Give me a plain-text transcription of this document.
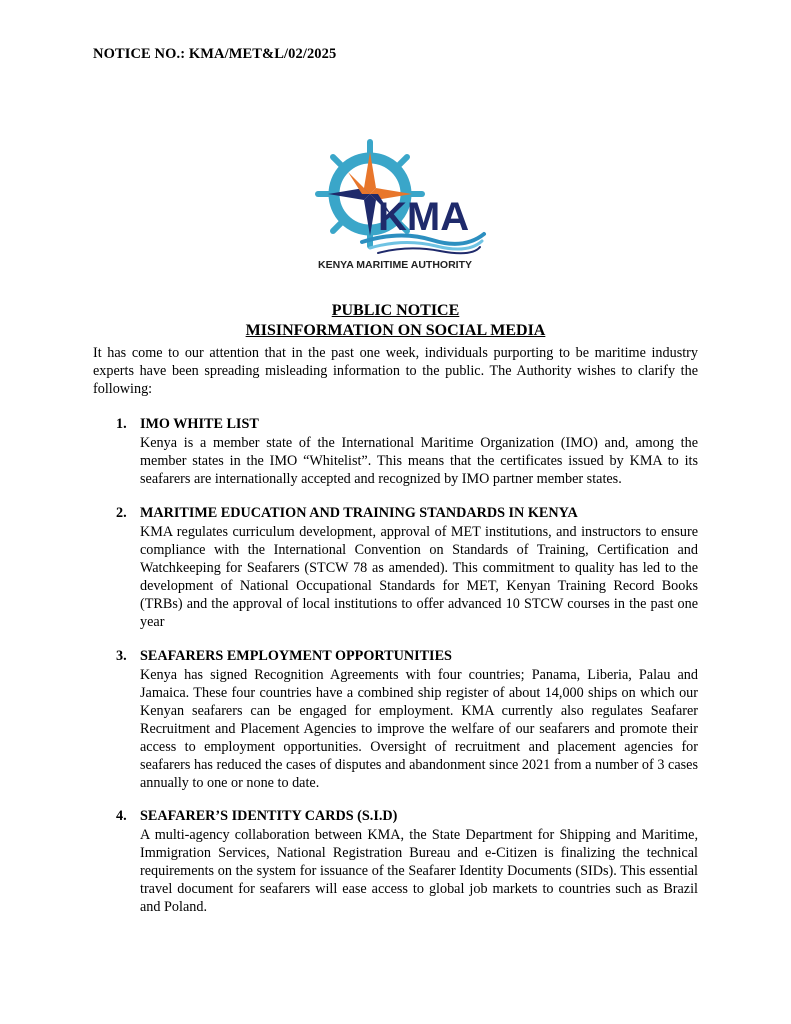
NOTICE NO.: KMA/MET&L/02/2025
KMA
KENYA MARITIME AUTHORITY
PUBLIC NOTICE
MISINFORMATION ON SOCIAL MEDIA
It has come to our attention that in the past one week, individuals purporting to be maritime industry experts have been spreading misleading information to the public. The Authority wishes to clarify the following:
1. IMO WHITE LIST
Kenya is a member state of the International Maritime Organization (IMO) and, among the member states in the IMO “Whitelist”. This means that the certificates issued by KMA to its seafarers are internationally accepted and recognized by IMO partner member states.
2. MARITIME EDUCATION AND TRAINING STANDARDS IN KENYA
KMA regulates curriculum development, approval of MET institutions, and instructors to ensure compliance with the International Convention on Standards of Training, Certification and Watchkeeping for Seafarers (STCW 78 as amended). This commitment to quality has led to the development of National Occupational Standards for MET, Kenyan Training Record Books (TRBs) and the approval of local institutions to offer advanced 10 STCW courses in the past one year
3. SEAFARERS EMPLOYMENT OPPORTUNITIES
Kenya has signed Recognition Agreements with four countries; Panama, Liberia, Palau and Jamaica. These four countries have a combined ship register of about 14,000 ships on which our Kenyan seafarers can be engaged for employment. KMA currently also regulates Seafarer Recruitment and Placement Agencies to improve the welfare of our seafarers and promote their access to employment opportunities. Oversight of recruitment and placement agencies for seafarers has reduced the cases of disputes and abandonment since 2021 from a number of 3 cases annually to one or none to date.
4. SEAFARER’S IDENTITY CARDS (S.I.D)
A multi-agency collaboration between KMA, the State Department for Shipping and Maritime, Immigration Services, National Registration Bureau and e-Citizen is finalizing the technical requirements on the system for issuance of the Seafarer Identity Documents (SIDs). This essential travel document for seafarers will ease access to global job markets to countries such as Brazil and Poland.
